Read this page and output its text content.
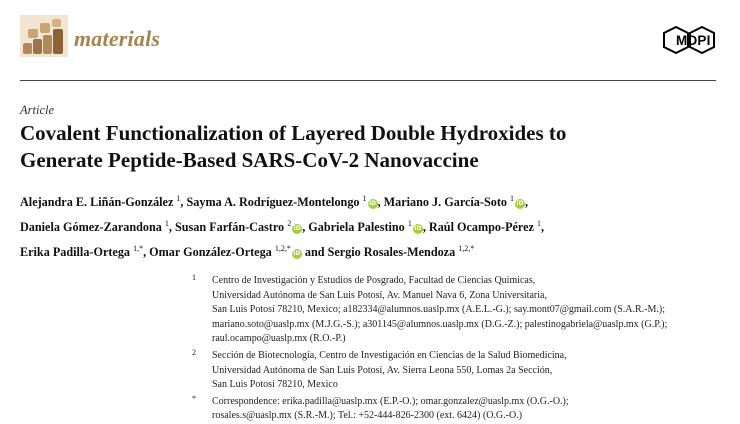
materials	MDPI
Article
Covalent Functionalization of Layered Double Hydroxides to
Generate Peptide-Based SARS-CoV-2 Nanovaccine
Alejandra E. Liñán-González $^1$, Sayma A. Rodríguez-Montelongo $^1$iD, Mariano J. García-Soto $^1$iD,
Daniela Gómez-Zarandona $^1$, Susan Farfán-Castro $^2$iD, Gabriela Palestino $^1$iD, Raúl Ocampo-Pérez $^1$,
Erika Padilla-Ortega $^{1,*}$, Omar González-Ortega $^{1,2,*}$iD and Sergio Rosales-Mendoza $^{1,2,*}$
1 Centro de Investigación y Estudios de Posgrado, Facultad de Ciencias Químicas,
Universidad Autónoma de San Luis Potosí, Av. Manuel Nava 6, Zona Universitaria,
San Luis Potosí 78210, Mexico; a182334@alumnos.uaslp.mx (A.E.L.-G.); say.mont07@gmail.com (S.A.R.-M.);
mariano.soto@uaslp.mx (M.J.G.-S.); a301145@alumnos.uaslp.mx (D.G.-Z.); palestinogabriela@uaslp.mx (G.P.);
raul.ocampo@uaslp.mx (R.O.-P.)
2 Sección de Biotecnología, Centro de Investigación en Ciencias de la Salud Biomedicina,
Universidad Autónoma de San Luis Potosí, Av. Sierra Leona 550, Lomas 2a Sección,
San Luis Potosí 78210, Mexico
* Correspondence: erika.padilla@uaslp.mx (E.P.-O.); omar.gonzalez@uaslp.mx (O.G.-O.);
rosales.s@uaslp.mx (S.R.-M.); Tel.: +52-444-826-2300 (ext. 6424) (O.G.-O.)
